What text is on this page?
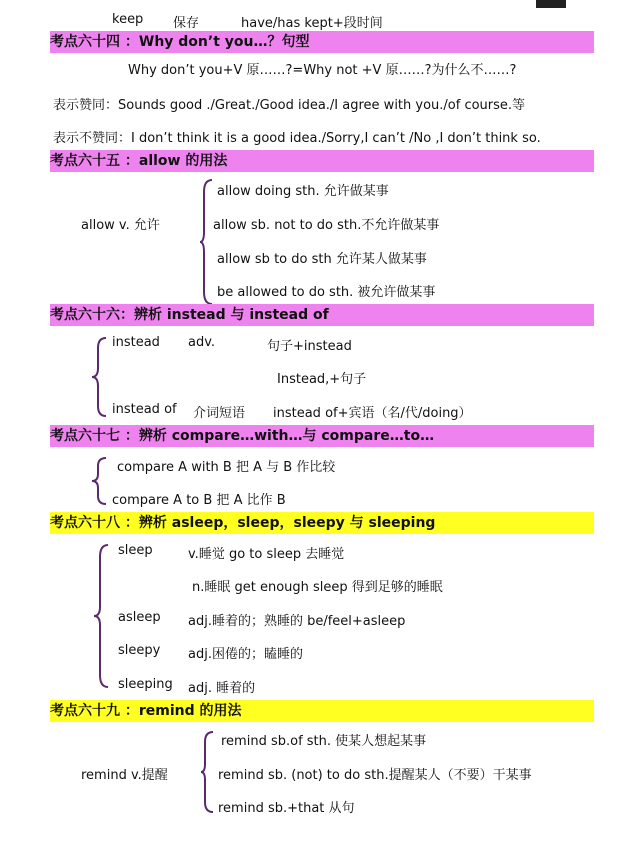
keep 保存	have/has kept+段时间
考点六十四 ：Why don’t you…？句型
Why don’t you+V 原……?=Why not +V 原……?为什么不……?
表示赞同：Sounds good ./Great./Good idea./I agree with you./of course.等
表示不赞同：I don’t think it is a good idea./Sorry,I can’t /No ,I don’t think so.
考点六十五 ：allow 的用法
allow v. 允许
allow doing sth. 允许做某事
allow sb. not to do sth.不允许做某事
allow sb to do sth 允许某人做某事
be allowed to do sth. 被允许做某事
考点六十六：辨析 instead 与 instead of
instead adv.	句子+instead
Instead,+句子
instead of 介词短语 instead of+宾语（名/代/doing）
考点六十七 ：辨析 compare…with…与 compare…to…
compare A with B 把 A 与 B 作比较
compare A to B 把 A 比作 B
考点六十八 ：辨析 asleep，sleep，sleepy 与 sleeping
sleep	v.睡觉 go to sleep 去睡觉
n.睡眠 get enough sleep 得到足够的睡眠
asleep adj.睡着的；熟睡的 be/feel+asleep
sleepy adj.困倦的；瞌睡的
sleeping adj. 睡着的
考点六十九 ：remind 的用法
remind v.提醒
remind sb.of sth. 使某人想起某事
remind sb. (not) to do sth.提醒某人（不要）干某事
remind sb.+that 从句
